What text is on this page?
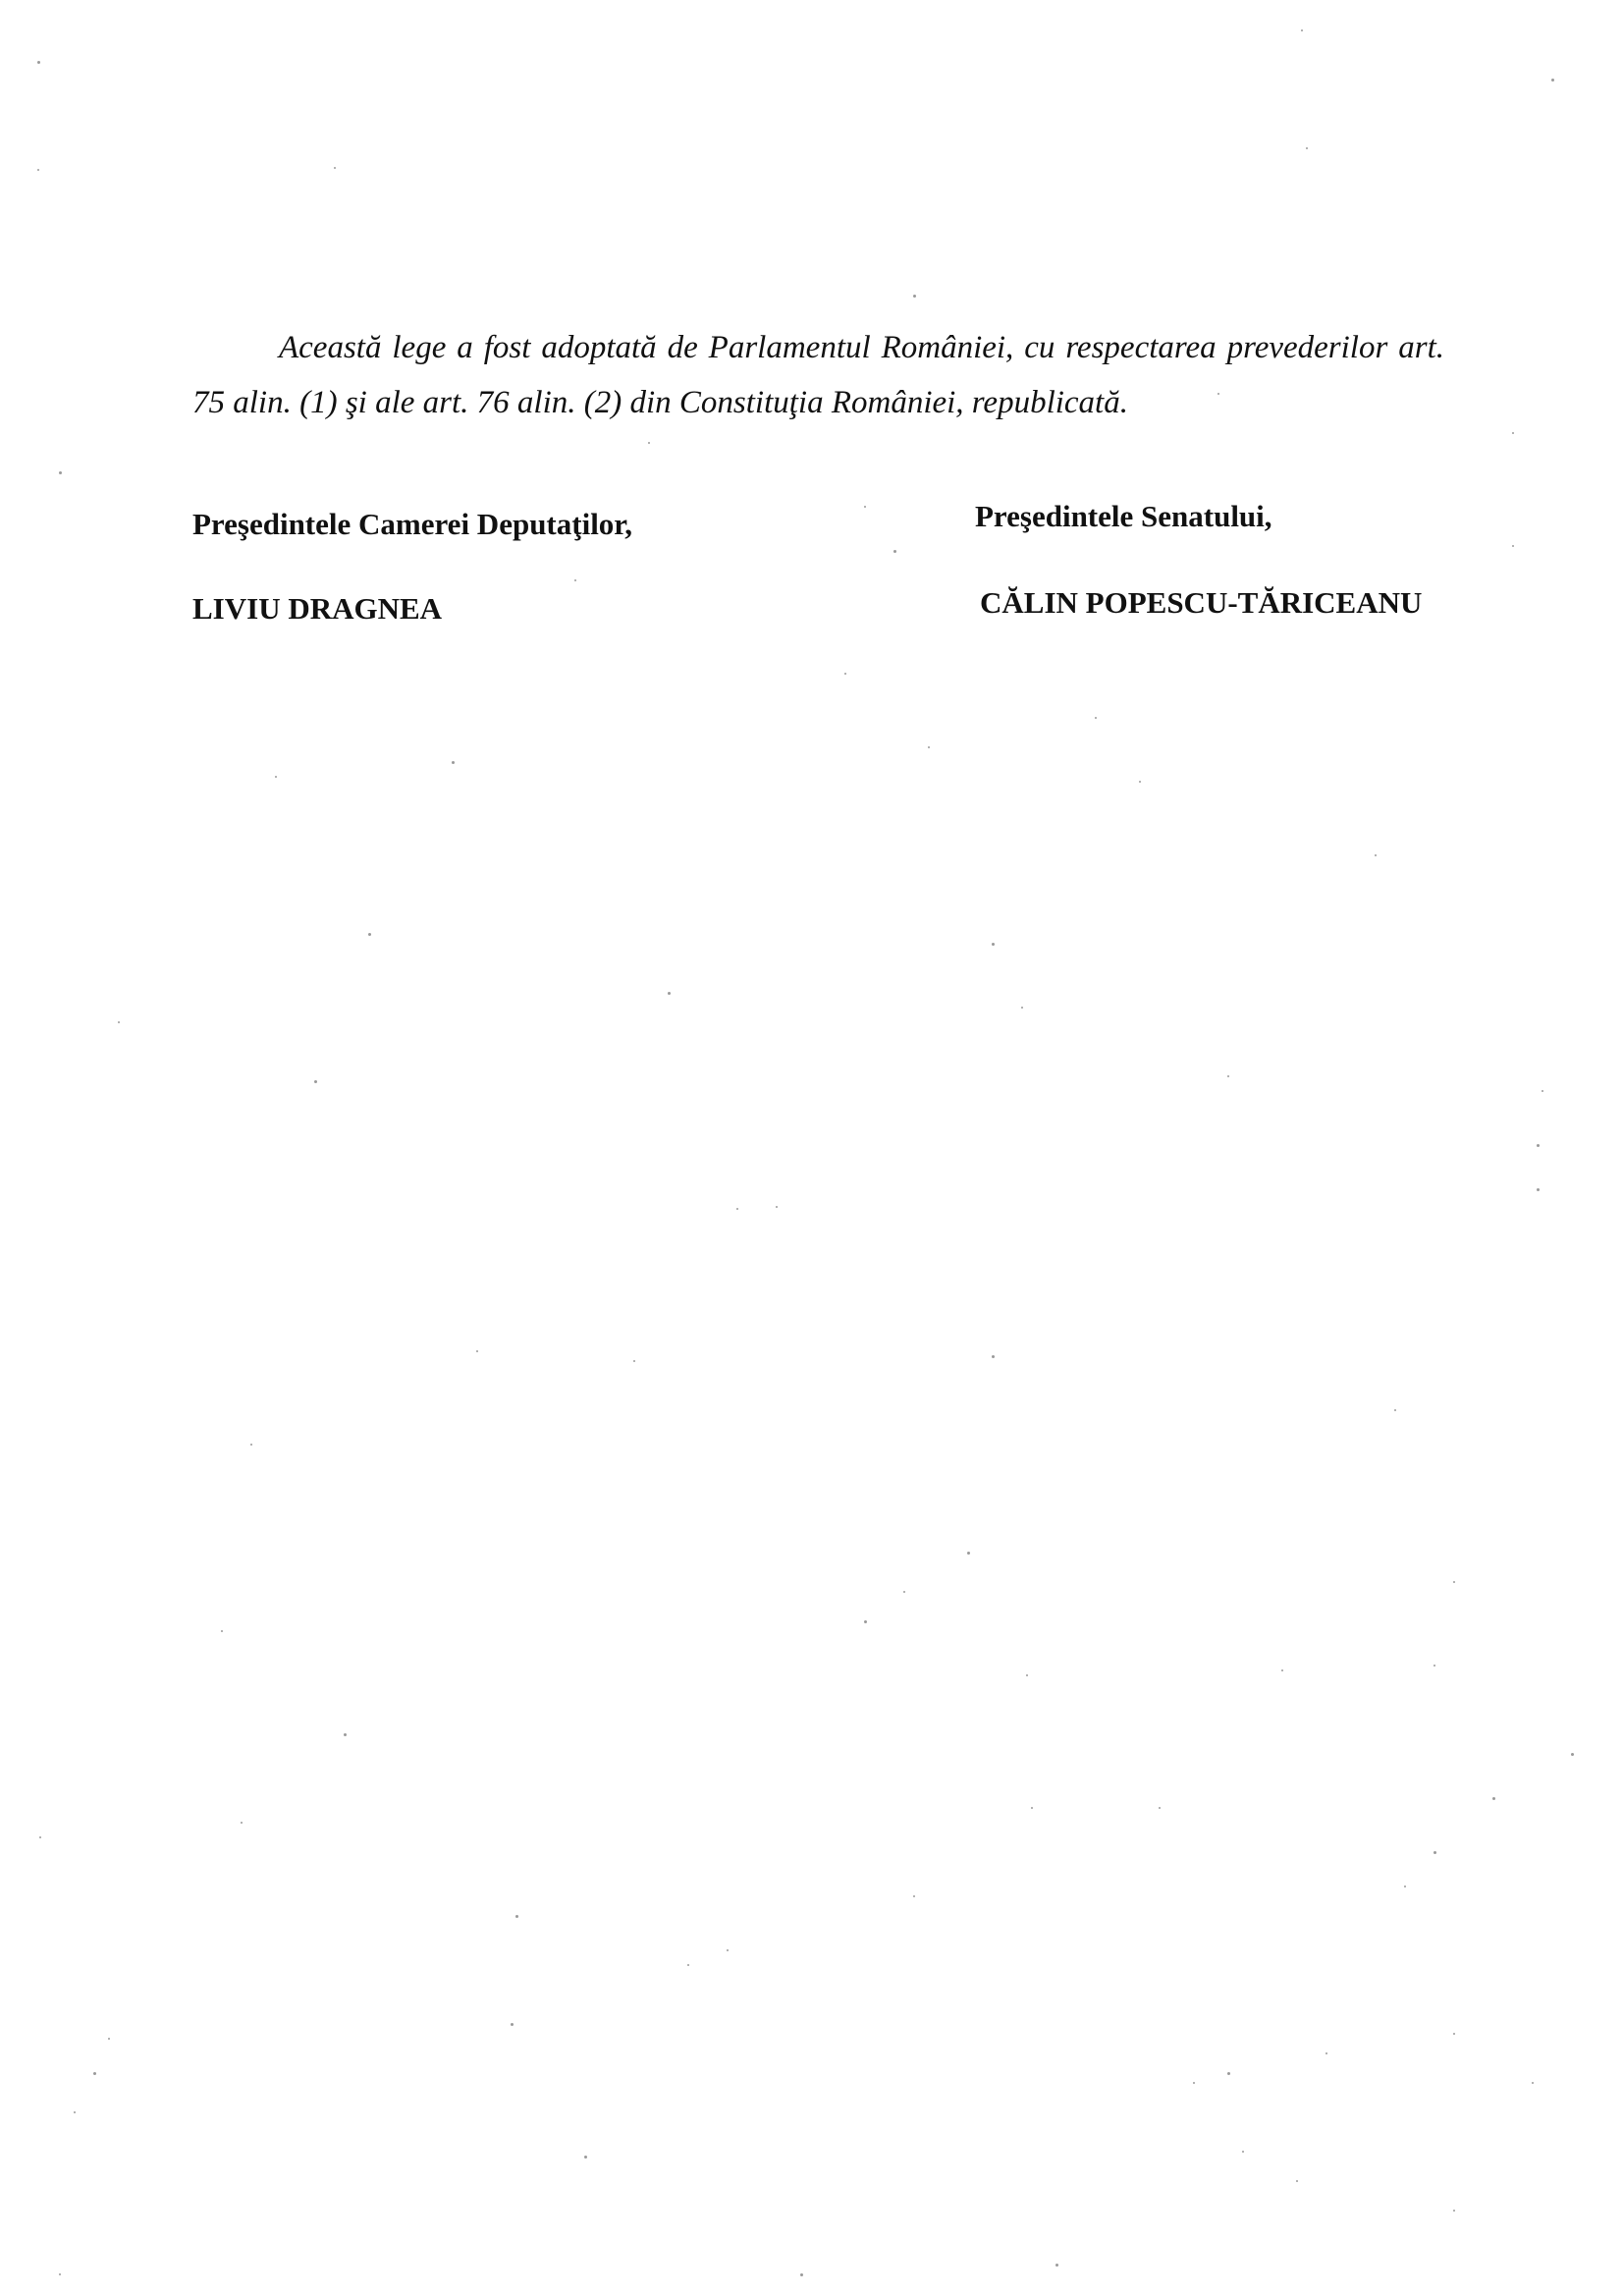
Această lege a fost adoptată de Parlamentul României, cu respectarea prevederilor art.
75 alin. (1) şi ale art. 76 alin. (2) din Constituţia României, republicată.

Preşedintele Camerei Deputaţilor,

LIVIU DRAGNEA

Preşedintele Senatului,

CĂLIN POPESCU-TĂRICEANU
